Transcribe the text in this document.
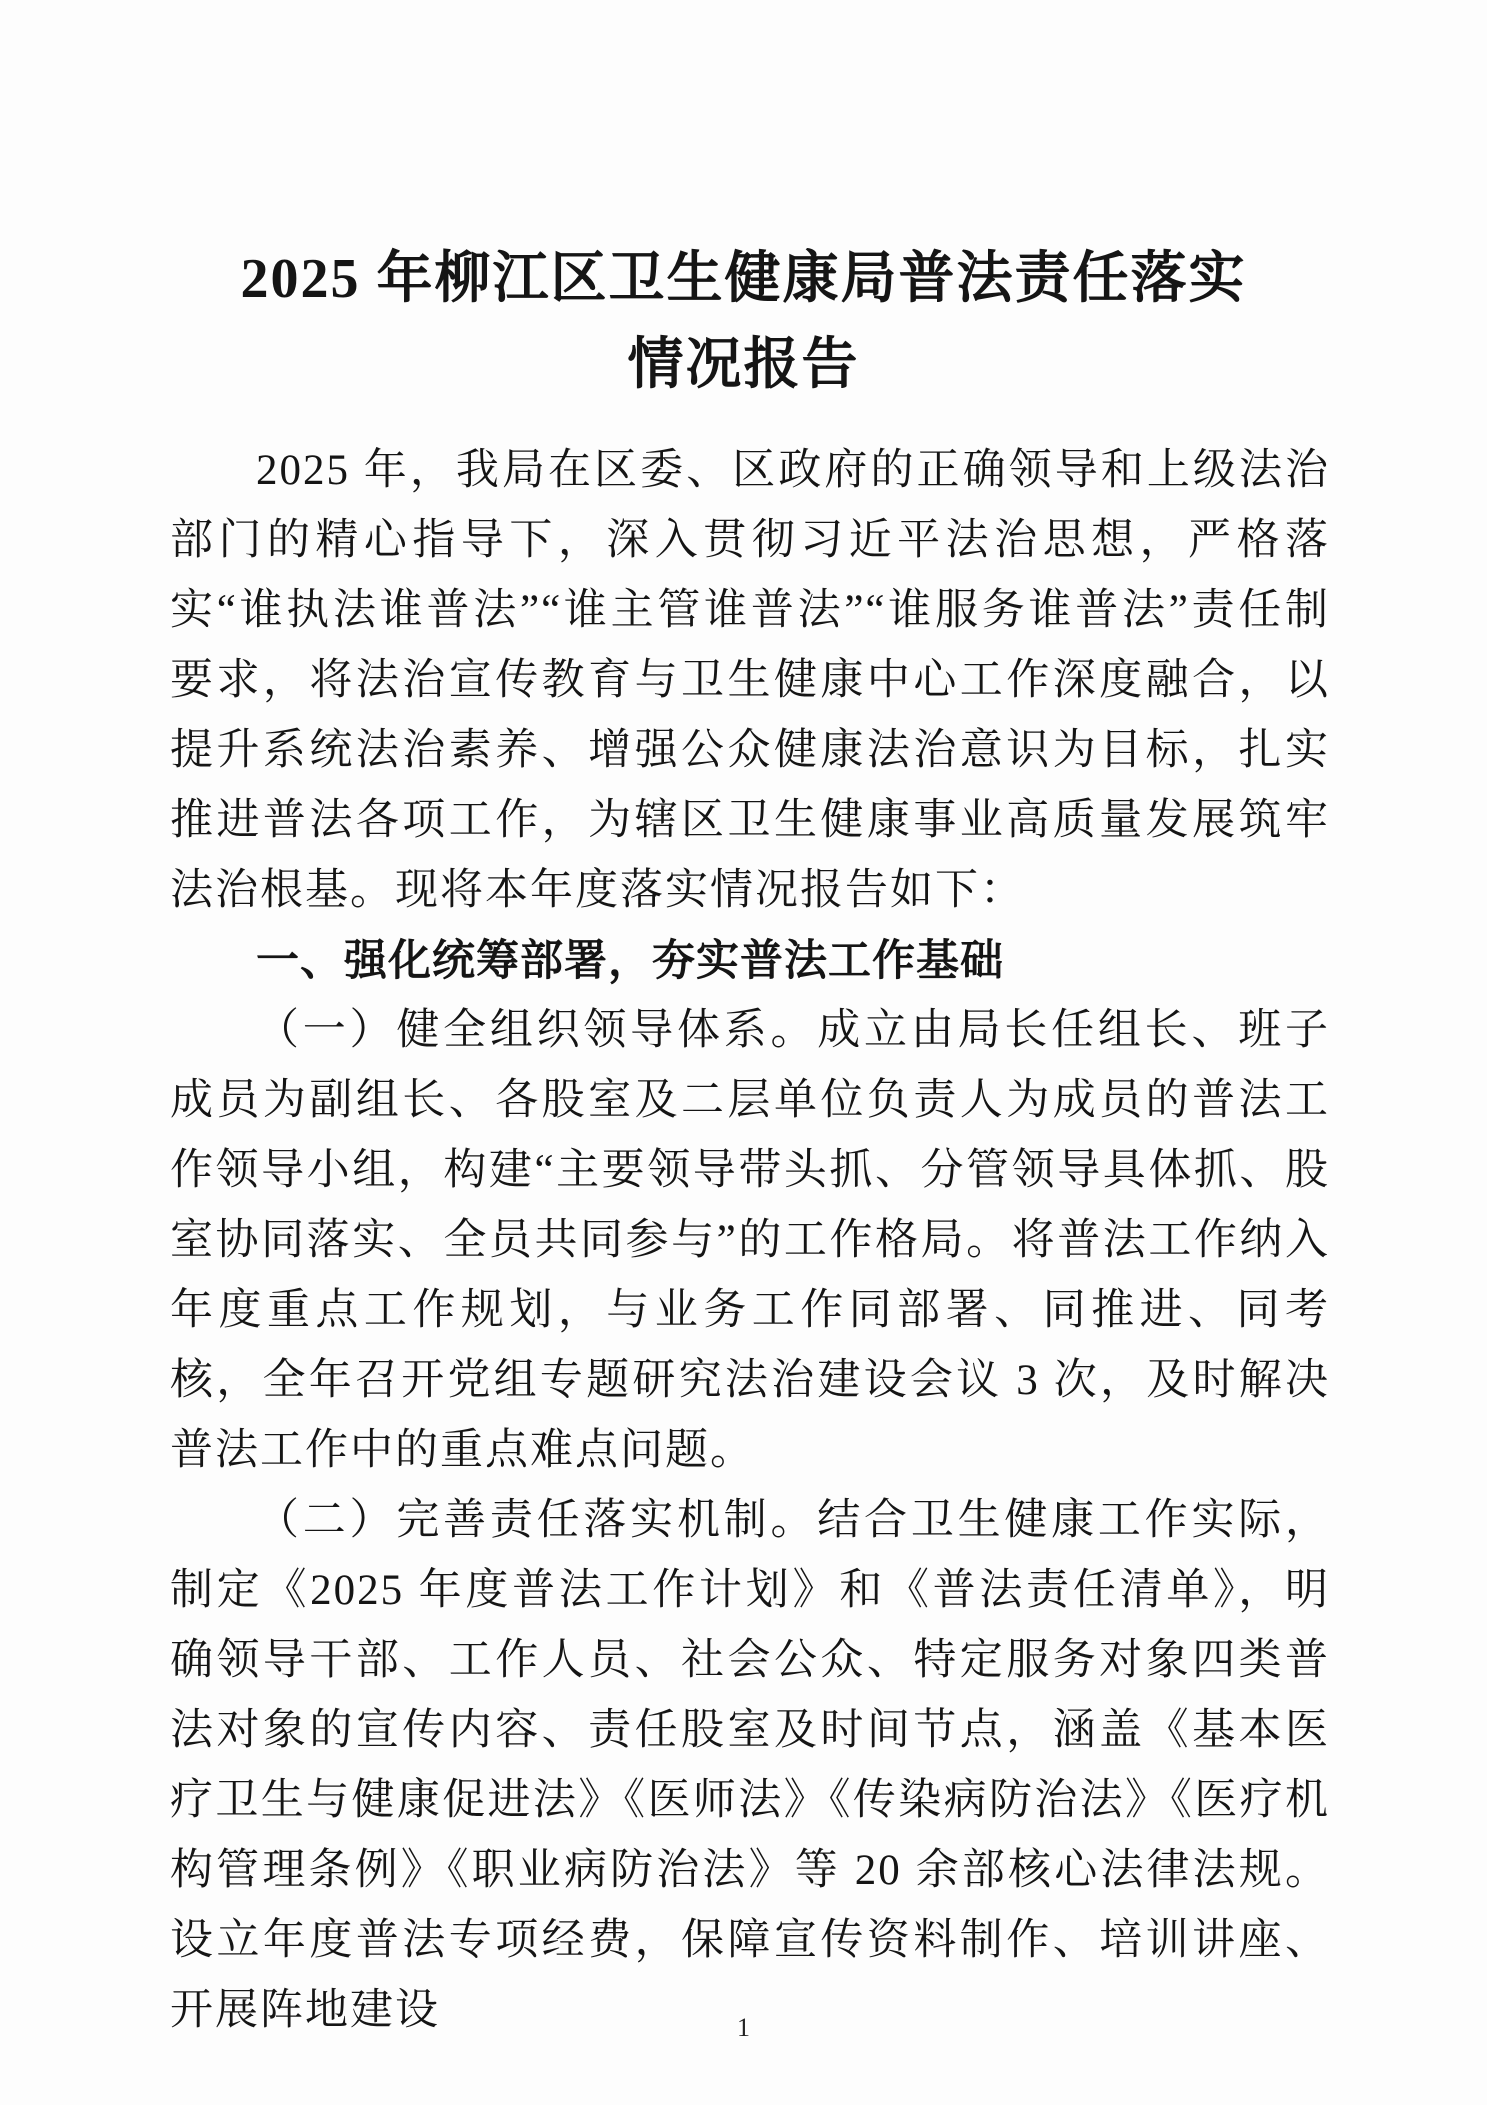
2025 年柳江区卫生健康局普法责任落实
情况报告

2025 年，我局在区委、区政府的正确领导和上级法治部门的精心指导下，深入贯彻习近平法治思想，严格落实“谁执法谁普法”“谁主管谁普法”“谁服务谁普法”责任制要求，将法治宣传教育与卫生健康中心工作深度融合，以提升系统法治素养、增强公众健康法治意识为目标，扎实推进普法各项工作，为辖区卫生健康事业高质量发展筑牢法治根基。现将本年度落实情况报告如下：

一、强化统筹部署，夯实普法工作基础

（一）健全组织领导体系。成立由局长任组长、班子成员为副组长、各股室及二层单位负责人为成员的普法工作领导小组，构建“主要领导带头抓、分管领导具体抓、股室协同落实、全员共同参与”的工作格局。将普法工作纳入年度重点工作规划，与业务工作同部署、同推进、同考核，全年召开党组专题研究法治建设会议 3 次，及时解决普法工作中的重点难点问题。

（二）完善责任落实机制。结合卫生健康工作实际，制定《2025 年度普法工作计划》和《普法责任清单》，明确领导干部、工作人员、社会公众、特定服务对象四类普法对象的宣传内容、责任股室及时间节点，涵盖《基本医疗卫生与健康促进法》《医师法》《传染病防治法》《医疗机构管理条例》《职业病防治法》等 20 余部核心法律法规。设立年度普法专项经费，保障宣传资料制作、培训讲座、开展阵地建设	1
